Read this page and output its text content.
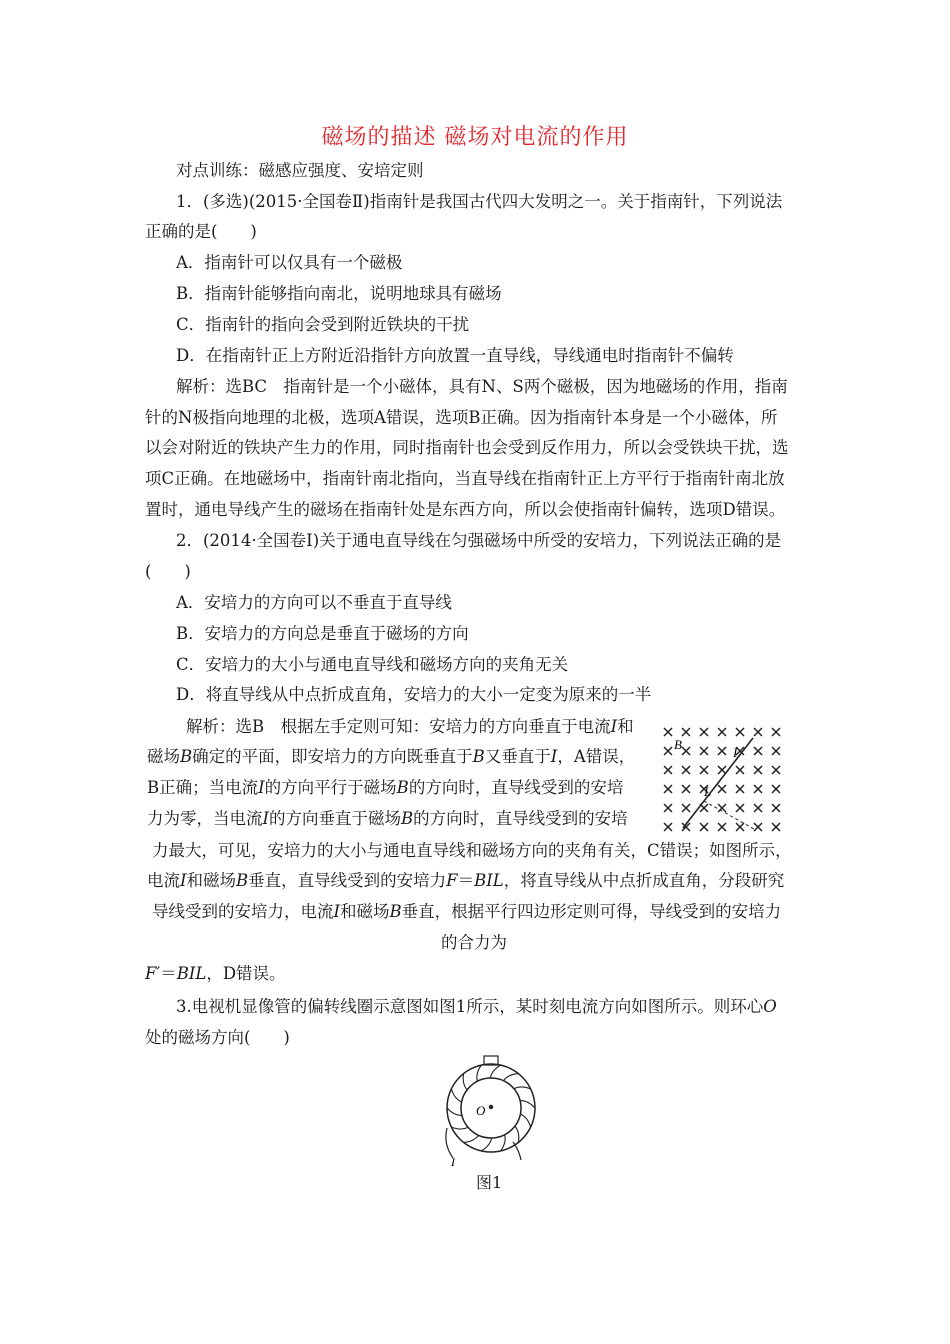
磁场的描述 磁场对电流的作用
对点训练：磁感应强度、安培定则
1．(多选)(2015·全国卷Ⅱ)指南针是我国古代四大发明之一。关于指南针，下列说法
正确的是(　　)
A．指南针可以仅具有一个磁极
B．指南针能够指向南北，说明地球具有磁场
C．指南针的指向会受到附近铁块的干扰
D．在指南针正上方附近沿指针方向放置一直导线，导线通电时指南针不偏转
解析：选BC　指南针是一个小磁体，具有N、S两个磁极，因为地磁场的作用，指南
针的N极指向地理的北极，选项A错误，选项B正确。因为指南针本身是一个小磁体，所
以会对附近的铁块产生力的作用，同时指南针也会受到反作用力，所以会受铁块干扰，选
项C正确。在地磁场中，指南针南北指向，当直导线在指南针正上方平行于指南针南北放
置时，通电导线产生的磁场在指南针处是东西方向，所以会使指南针偏转，选项D错误。
2．(2014·全国卷Ⅰ)关于通电直导线在匀强磁场中所受的安培力，下列说法正确的是
(　　)
A．安培力的方向可以不垂直于直导线
B．安培力的方向总是垂直于磁场的方向
C．安培力的大小与通电直导线和磁场方向的夹角无关
D．将直导线从中点折成直角，安培力的大小一定变为原来的一半
解析：选B　根据左手定则可知：安培力的方向垂直于电流I和
磁场B确定的平面，即安培力的方向既垂直于B又垂直于I，A错误，
B正确；当电流I的方向平行于磁场B的方向时，直导线受到的安培
力为零，当电流I的方向垂直于磁场B的方向时，直导线受到的安培
力最大，可见，安培力的大小与通电直导线和磁场方向的夹角有关，C错误；如图所示，
电流I和磁场B垂直，直导线受到的安培力F＝BIL，将直导线从中点折成直角，分段研究
导线受到的安培力，电流I和磁场B垂直，根据平行四边形定则可得，导线受到的安培力
的合力为
F′＝BIL，D错误。
B
I
L
3.电视机显像管的偏转线圈示意图如图1所示，某时刻电流方向如图所示。则环心O
处的磁场方向(　　)
O
I
图1
